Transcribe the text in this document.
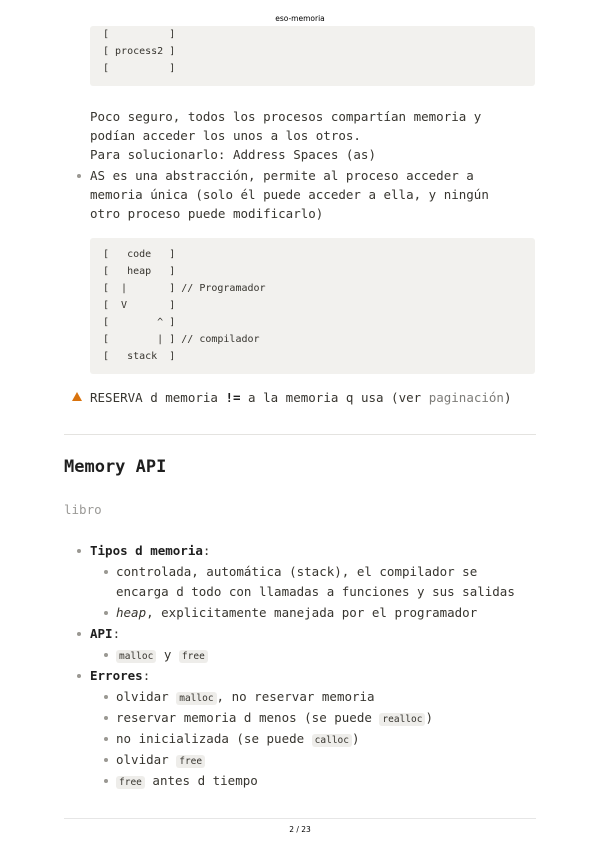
eso-memoria
[          ]
[ process2 ]
[          ]
Poco seguro, todos los procesos compartían memoria y
podían acceder los unos a los otros.
Para solucionarlo: Address Spaces (as)
AS es una abstracción, permite al proceso acceder a
memoria única (solo él puede acceder a ella, y ningún
otro proceso puede modificarlo)
[   code   ]
[   heap   ]
[  |       ] // Programador
[  V       ]
[        ^ ]
[        | ] // compilador
[   stack  ]
RESERVA d memoria != a la memoria q usa (ver paginación)
Memory API
libro
Tipos d memoria:
controlada, automática (stack), el compilador se
encarga d todo con llamadas a funciones y sus salidas
heap, explicitamente manejada por el programador
API:
malloc y free
Errores:
olvidar malloc , no reservar memoria
reservar memoria d menos (se puede realloc )
no inicializada (se puede calloc )
olvidar free
free antes d tiempo
2 / 23
